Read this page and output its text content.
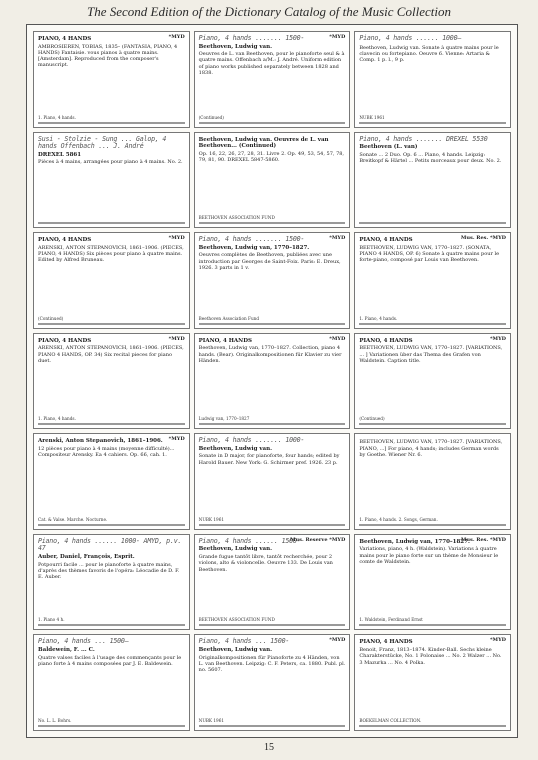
The Second Edition of the Dictionary Catalog of the Music Collection
PIANO, 4 HANDS	*MYD
AMBROSIEREN, TOBIAS, 1835– (FANTASIA, PIANO, 4 HANDS) Fantaisie. vous pianos à quatre mains. [Amsterdam]. Reproduced from the composer's manuscript.
1. Piano, 4 hands.
Piano, 4 hands ....... 1500-
Beethoven, Ludwig van.
*MYD
Oeuvres de L. van Beethoven, pour le pianoforte seul & à quatre mains. Offenbach a/M.: J. André. Uniform edition of piano works published separately between 1828 and 1838.
(Continued)
Piano, 4 hands ...... 1000–
Beethoven, Ludwig van. Sonate à quatre mains pour le clavecin ou fortepiano. Oeuvre 6. Vienne: Artaria & Comp. 1 p. l., 9 p.
NUBK 1961
Susi - Stolzie - Sung ... Galop, 4 hands Offenbach ... J. André
DREXEL 5861
Pièces à 4 mains, arrangées pour piano à 4 mains. No. 2.
Beethoven, Ludwig van. Oeuvres de L. van Beethoven... (Continued)
Op. 16, 22, 26, 27, 28, 31. Livre 2. Op. 49, 53, 54, 57, 78, 79, 81, 90. DREXEL 5847-5860.
BEETHOVEN ASSOCIATION FUND
Piano, 4 hands ....... DREXEL 5530
Beethoven (L. van)
Sonate ... 2 Duo. Op. 6 ... Piano, 4 hands. Leipzig: Breitkopf & Härtel ... Petits morceaux pour deux. No. 2.
PIANO, 4 HANDS	*MYD
ARENSKI, ANTON STEPANOVICH, 1861–1906. (PIECES, PIANO, 4 HANDS) Six pièces pour piano à quatre mains. Edited by Alfred Bruneau.
(Continued)
Piano, 4 hands ....... 1500-
Beethoven, Ludwig van, 1770–1827.
*MYD
Oeuvres complètes de Beethoven, publiées avec une introduction par Georges de Saint-Foix. Paris: E. Dreux, 1926. 3 parts in 1 v.
Beethoven Association Fund
PIANO, 4 HANDS	Mus. Res. *MYD
BEETHOVEN, LUDWIG VAN, 1770–1827. (SONATA, PIANO 4 HANDS, OP. 6) Sonate à quatre mains pour le forte-piano, composé par Louis van Beethoven.
1. Piano, 4 hands.
PIANO, 4 HANDS	*MYD
ARENSKI, ANTON STEPANOVICH, 1861–1906. (PIECES, PIANO 4 HANDS, OP. 34) Six recital pieces for piano duet.
1. Piano, 4 hands.
PIANO, 4 HANDS	*MYD
Beethoven, Ludwig van, 1770–1827. Collection, piano 4 hands. (Bear). Originalkompositionen für Klavier zu vier Händen.
Ludwig van, 1770–1827
PIANO, 4 HANDS	*MYD
BEETHOVEN, LUDWIG VAN, 1770–1827. [VARIATIONS, ... ] Variationen über das Thema des Grafen von Waldstein. Caption title.
(Continued)
Arenski, Anton Stepanovich, 1861–1906.	*MYD
12 pièces pour piano à 4 mains (moyenne difficulté)... Compositeur Arensky. Ea 4 cahiers. Op. 66, cah. 1.
Cat. & Valse. Marche. Nocturne.
Piano, 4 hands ....... 1000-
Beethoven, Ludwig van.
Sonate in D major, for pianoforte, four hands; edited by Harold Bauer. New York: G. Schirmer pref. 1926. 23 p.
NUBK 1961
BEETHOVEN, LUDWIG VAN, 1770–1827. [VARIATIONS, PIANO, ...] For piano, 4 hands; includes German words by Goethe. Wiener Nr. 6.
1. Piano, 4 hands. 2. Songs, German.
Piano, 4 hands ...... 1000- AMYD, p.v. 47
Auber, Daniel, François, Esprit.
Potpourri facile ... pour le pianoforte à quatre mains, d'après des thèmes favoris de l'opéra: Léocadie de D. F. E. Auber.
1. Piano 4 h.
Piano, 4 hands ...... 1500-
Beethoven, Ludwig van.
Mus. Reserve *MYD
Grande fugue tantôt libre, tantôt recherchée, pour 2 violons, alto & violoncelle. Oeuvre 133. De Louis van Beethoven.
BEETHOVEN ASSOCIATION FUND
Beethoven, Ludwig van, 1770–1827.
Mus. Res. *MYD
Variations, piano, 4 h. (Waldstein). Variations à quatre mains pour le piano forte sur un thème de Monsieur le comte de Waldstein.
1. Waldstein, Ferdinand Ernst
Piano, 4 hands ... 1500–
Baldewein, F. ... C.
Quatre valses faciles à l'usage des commençants pour le piano forte à 4 mains composées par J. E. Baldewein.
No. L. L. Bohrs.
Piano, 4 hands ... 1500-
Beethoven, Ludwig van.
*MYD
Originalkompositionen für Pianoforte zu 4 Händen, von L. van Beethoven. Leipzig: C. F. Peters, ca. 1880. Publ. pl. no. 5607.
NUBK 1961
PIANO, 4 HANDS	*MYD
Benoit, Franz, 1813–1874. Kinder-Ball. Sechs kleine Charakterstücke, No. 1 Polonaise ... No. 2 Walzer ... No. 3 Mazurka ... No. 4 Polka.
BOEKELMAN COLLECTION.
15
